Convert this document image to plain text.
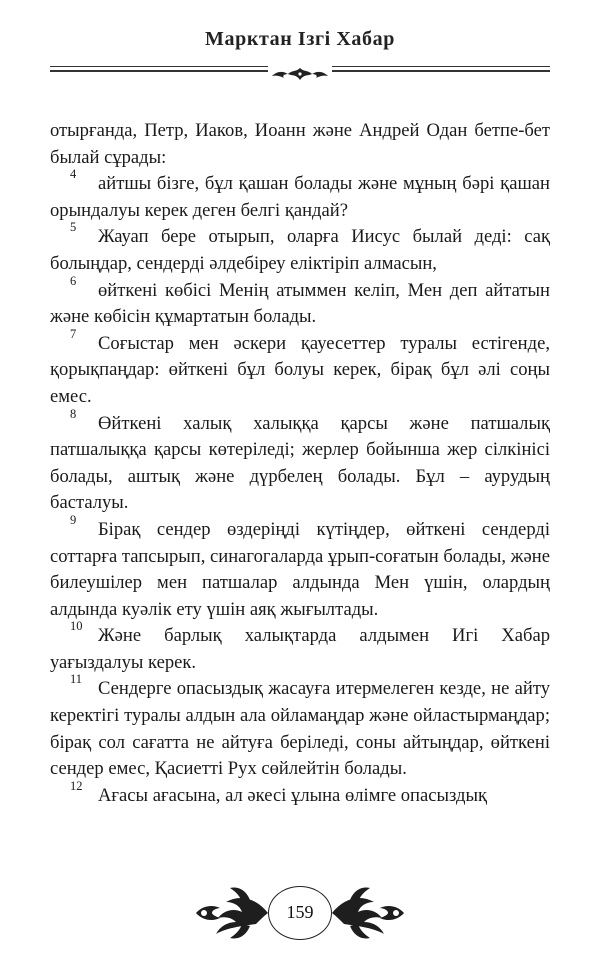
Марктан Ізгі Хабар

отырғанда, Петр, Иаков, Иоанн және Андрей Одан бетпе-бет былай сұрады:

4 айтшы бізге, бұл қашан болады және мұның бәрі қашан орындалуы керек деген белгі қандай?

5 Жауап бере отырып, оларға Иисус былай деді: сақ болыңдар, сендерді әлдебіреу еліктіріп алмасын,

6 өйткені көбісі Менің атыммен келіп, Мен деп айтатын және көбісін құмартатын болады.

7 Соғыстар мен әскери қауесеттер туралы естігенде, қорықпаңдар: өйткені бұл болуы керек, бірақ бұл әлі соңы емес.

8 Өйткені халық халыққа қарсы және патшалық патшалыққа қарсы көтеріледі; жерлер бойынша жер сілкінісі болады, аштық және дүрбелең болады. Бұл – аурудың басталуы.

9 Бірақ сендер өздеріңді күтіңдер, өйткені сендерді соттарға тапсырып, синагогаларда ұрып-соғатын болады, және билеушілер мен патшалар алдында Мен үшін, олардың алдында куәлік ету үшін аяқ жығылтады.

10 Және барлық халықтарда алдымен Игі Хабар уағыздалуы керек.

11 Сендерге опасыздық жасауға итермелеген кезде, не айту керектігі туралы алдын ала ойламаңдар және ойластырмаңдар; бірақ сол сағатта не айтуға беріледі, соны айтыңдар, өйткені сендер емес, Қасиетті Рух сөйлейтін болады.

12 Ағасы ағасына, ал әкесі ұлына өлімге опасыздық

159
